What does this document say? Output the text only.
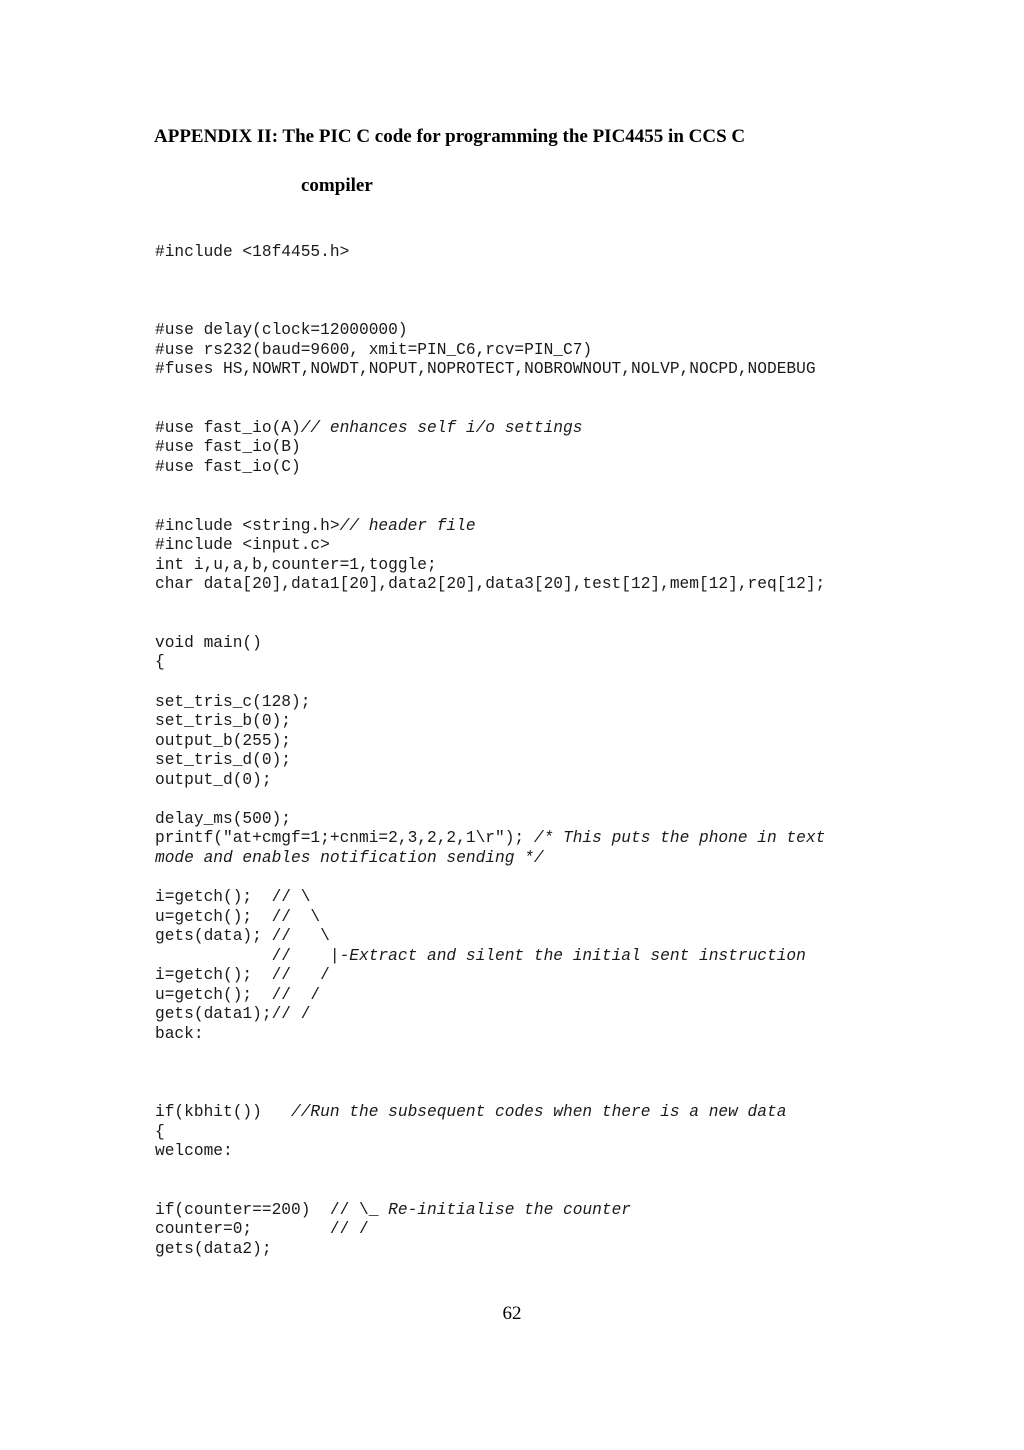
APPENDIX II: The PIC C code for programming the PIC4455 in CCS C
compiler
#include <18f4455.h>
#use delay(clock=12000000)
#use rs232(baud=9600, xmit=PIN_C6,rcv=PIN_C7)
#fuses HS,NOWRT,NOWDT,NOPUT,NOPROTECT,NOBROWNOUT,NOLVP,NOCPD,NODEBUG
#use fast_io(A)// enhances self i/o settings
#use fast_io(B)
#use fast_io(C)
#include <string.h>// header file
#include <input.c>
int i,u,a,b,counter=1,toggle;
char data[20],data1[20],data2[20],data3[20],test[12],mem[12],req[12];
void main()
{
set_tris_c(128);
set_tris_b(0);
output_b(255);
set_tris_d(0);
output_d(0);
delay_ms(500);
printf("at+cmgf=1;+cnmi=2,3,2,2,1\r"); /* This puts the phone in text
mode and enables notification sending */
i=getch();  // \
u=getch();  //  \
gets(data); //   \
//    |-Extract and silent the initial sent instruction
i=getch();  //   /
u=getch();  //  /
gets(data1);// /
back:
if(kbhit())   //Run the subsequent codes when there is a new data
{
welcome:
if(counter==200)  // \_ Re-initialise the counter
counter=0;        // /
gets(data2);
62
